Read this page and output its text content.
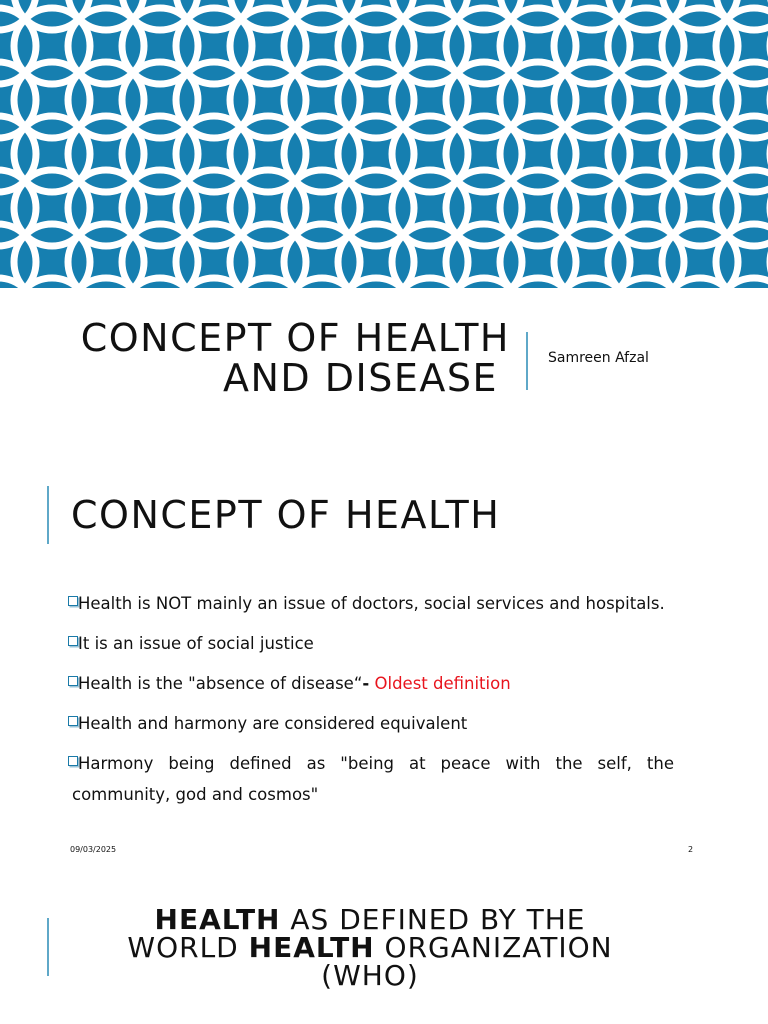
CONCEPT OF HEALTH
AND DISEASE	Samreen Afzal
CONCEPT OF HEALTH
Health is NOT mainly an issue of doctors, social services and hospitals.
It is an issue of social justice
Health is the "absence of disease“- Oldest definition
Health and harmony are considered equivalent
Harmony being defined as "being at peace with the self, the community, god and cosmos"
09/03/2025	2
HEALTH AS DEFINED BY THE
WORLD HEALTH ORGANIZATION
(WHO)
